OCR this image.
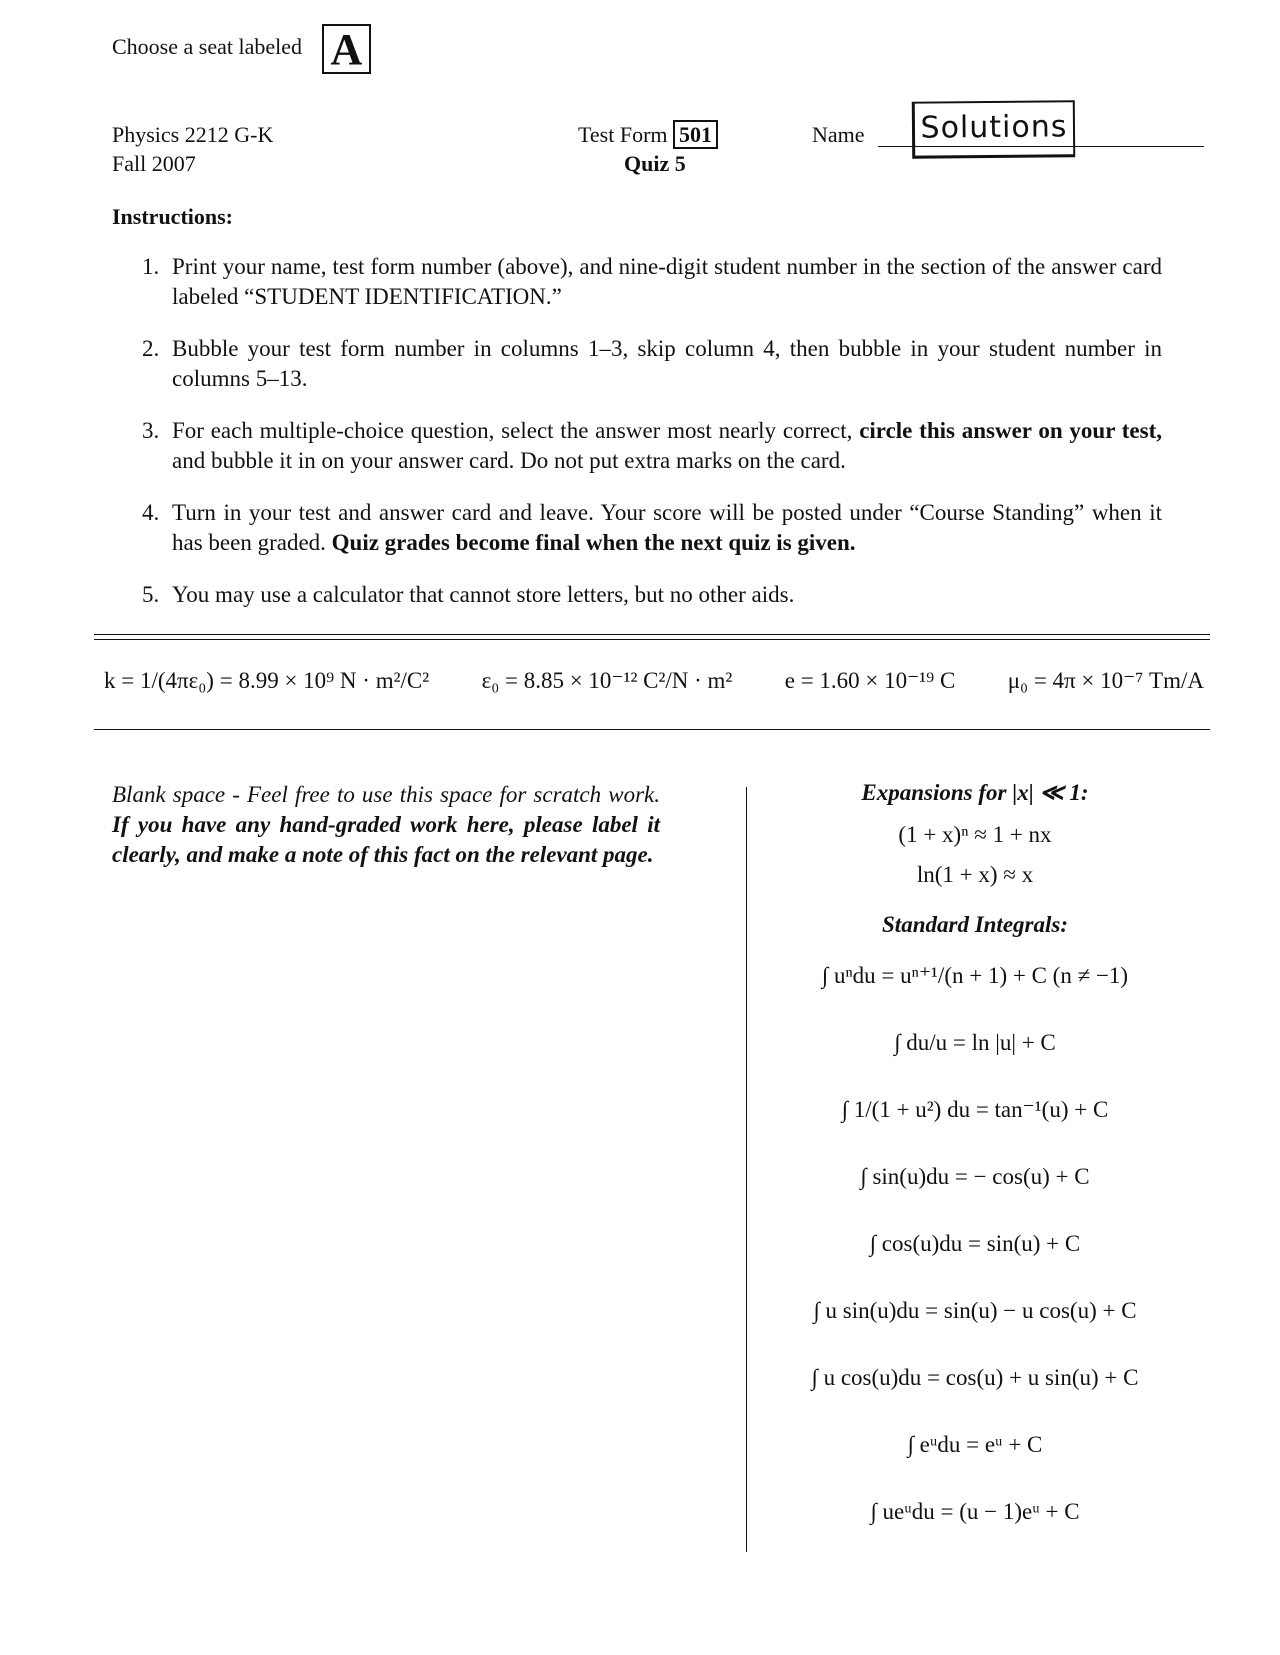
Choose a seat labeled A
Physics 2212 G-K
Fall 2007
Test Form 501
Quiz 5
Name Solutions
Instructions:
1. Print your name, test form number (above), and nine-digit student number in the section of the answer card labeled “STUDENT IDENTIFICATION.”
2. Bubble your test form number in columns 1–3, skip column 4, then bubble in your student number in columns 5–13.
3. For each multiple-choice question, select the answer most nearly correct, circle this answer on your test, and bubble it in on your answer card. Do not put extra marks on the card.
4. Turn in your test and answer card and leave. Your score will be posted under “Course Standing” when it has been graded. Quiz grades become final when the next quiz is given.
5. You may use a calculator that cannot store letters, but no other aids.
k = 1/(4πε₀) = 8.99 × 10⁹ N · m²/C² ε₀ = 8.85 × 10⁻¹² C²/N · m² e = 1.60 × 10⁻¹⁹ C μ₀ = 4π × 10⁻⁷ Tm/A
Blank space - Feel free to use this space for scratch work. If you have any hand-graded work here, please label it clearly, and make a note of this fact on the relevant page.
Expansions for |x| ≪ 1:
(1 + x)ⁿ ≈ 1 + nx
ln(1 + x) ≈ x
Standard Integrals:
∫ uⁿdu = uⁿ⁺¹/(n + 1) + C (n ≠ −1)
∫ du/u = ln |u| + C
∫ 1/(1 + u²) du = tan⁻¹(u) + C
∫ sin(u)du = − cos(u) + C
∫ cos(u)du = sin(u) + C
∫ u sin(u)du = sin(u) − u cos(u) + C
∫ u cos(u)du = cos(u) + u sin(u) + C
∫ eᵘdu = eᵘ + C
∫ ueᵘdu = (u − 1)eᵘ + C
